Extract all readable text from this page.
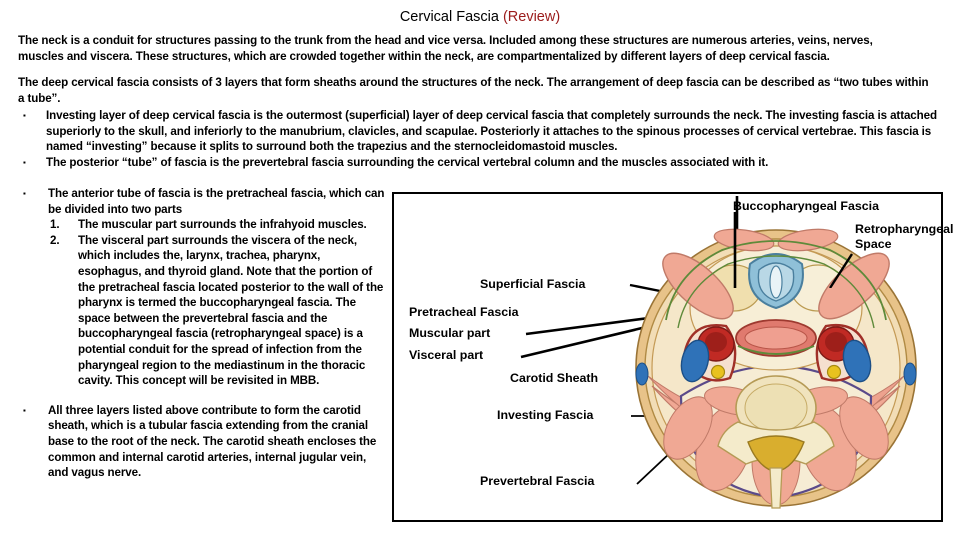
Cervical Fascia (Review)
The neck is a conduit for structures passing to the trunk from the head and vice versa. Included among these structures are numerous arteries, veins, nerves, muscles and viscera. These structures, which are crowded together within the neck, are compartmentalized by different layers of deep cervical fascia.
The deep cervical fascia consists of 3 layers that form sheaths around the structures of the neck. The arrangement of deep fascia can be described as “two tubes within a tube”.
▪ Investing layer of deep cervical fascia is the outermost (superficial) layer of deep cervical fascia that completely surrounds the neck. The investing fascia is attached superiorly to the skull, and inferiorly to the manubrium, clavicles, and scapulae. Posteriorly it attaches to the spinous processes of cervical vertebrae. This fascia is named “investing” because it splits to surround both the trapezius and the sternocleidomastoid muscles.
▪ The posterior “tube” of fascia is the prevertebral fascia surrounding the cervical vertebral column and the muscles associated with it.
▪ The anterior tube of fascia is the pretracheal fascia, which can be divided into two parts
1.	The muscular part surrounds the infrahyoid muscles.
2.	The visceral part surrounds the viscera of the neck, which includes the, larynx, trachea, pharynx, esophagus, and thyroid gland. Note that the portion of the pretracheal fascia located posterior to the wall of the pharynx is termed the buccopharyngeal fascia. The space between the prevertebral fascia and the buccopharyngeal fascia (retropharyngeal space) is a potential conduit for the spread of infection from the pharyngeal region to the mediastinum in the thoracic cavity. This concept will be revisited in MBB.
▪ All three layers listed above contribute to form the carotid sheath, which is a tubular fascia extending from the cranial base to the root of the neck. The carotid sheath encloses the common and internal carotid arteries, internal jugular vein, and vagus nerve.
Superficial Fascia
Pretracheal Fascia
Muscular part
Visceral part
Carotid Sheath
Investing Fascia
Prevertebral Fascia
Buccopharyngeal Fascia
Retropharyngeal Space
